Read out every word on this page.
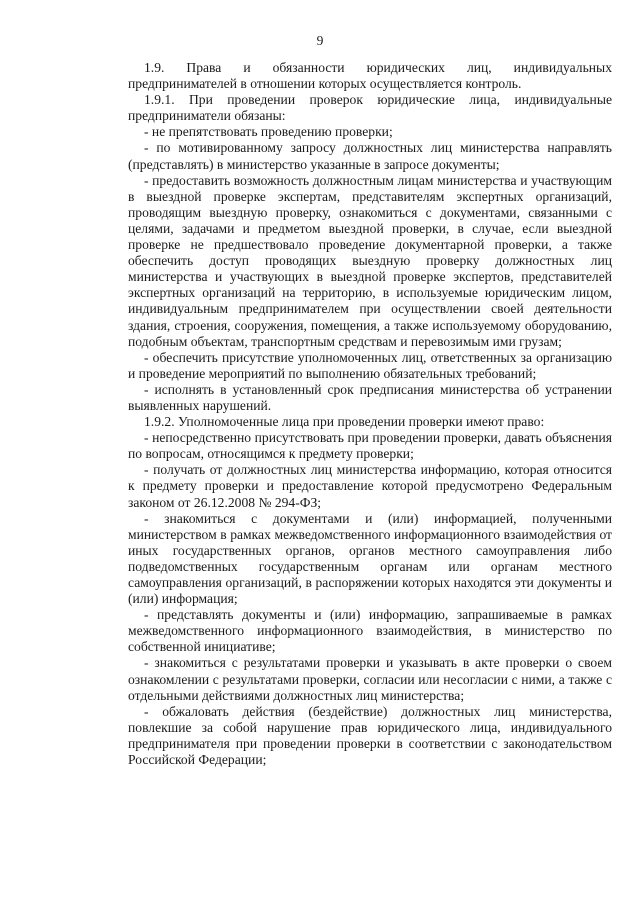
9

1.9. Права и обязанности юридических лиц, индивидуальных предпринимателей в отношении которых осуществляется контроль.

1.9.1. При проведении проверок юридические лица, индивидуальные предприниматели обязаны:

- не препятствовать проведению проверки;

- по мотивированному запросу должностных лиц министерства направлять (представлять) в министерство указанные в запросе документы;

- предоставить возможность должностным лицам министерства и участвующим в выездной проверке экспертам, представителям экспертных организаций, проводящим выездную проверку, ознакомиться с документами, связанными с целями, задачами и предметом выездной проверки, в случае, если выездной проверке не предшествовало проведение документарной проверки, а также обеспечить доступ проводящих выездную проверку должностных лиц министерства и участвующих в выездной проверке экспертов, представителей экспертных организаций на территорию, в используемые юридическим лицом, индивидуальным предпринимателем при осуществлении своей деятельности здания, строения, сооружения, помещения, а также используемому оборудованию, подобным объектам, транспортным средствам и перевозимым ими грузам;

- обеспечить присутствие уполномоченных лиц, ответственных за организацию и проведение мероприятий по выполнению обязательных требований;

- исполнять в установленный срок предписания министерства об устранении выявленных нарушений.

1.9.2. Уполномоченные лица при проведении проверки имеют право:

- непосредственно присутствовать при проведении проверки, давать объяснения по вопросам, относящимся к предмету проверки;

- получать от должностных лиц министерства информацию, которая относится к предмету проверки и предоставление которой предусмотрено Федеральным законом от 26.12.2008 № 294-ФЗ;

- знакомиться с документами и (или) информацией, полученными министерством в рамках межведомственного информационного взаимодействия от иных государственных органов, органов местного самоуправления либо подведомственных государственным органам или органам местного самоуправления организаций, в распоряжении которых находятся эти документы и (или) информация;

- представлять документы и (или) информацию, запрашиваемые в рамках межведомственного информационного взаимодействия, в министерство по собственной инициативе;

- знакомиться с результатами проверки и указывать в акте проверки о своем ознакомлении с результатами проверки, согласии или несогласии с ними, а также с отдельными действиями должностных лиц министерства;

- обжаловать действия (бездействие) должностных лиц министерства, повлекшие за собой нарушение прав юридического лица, индивидуального предпринимателя при проведении проверки в соответствии с законодательством Российской Федерации;
